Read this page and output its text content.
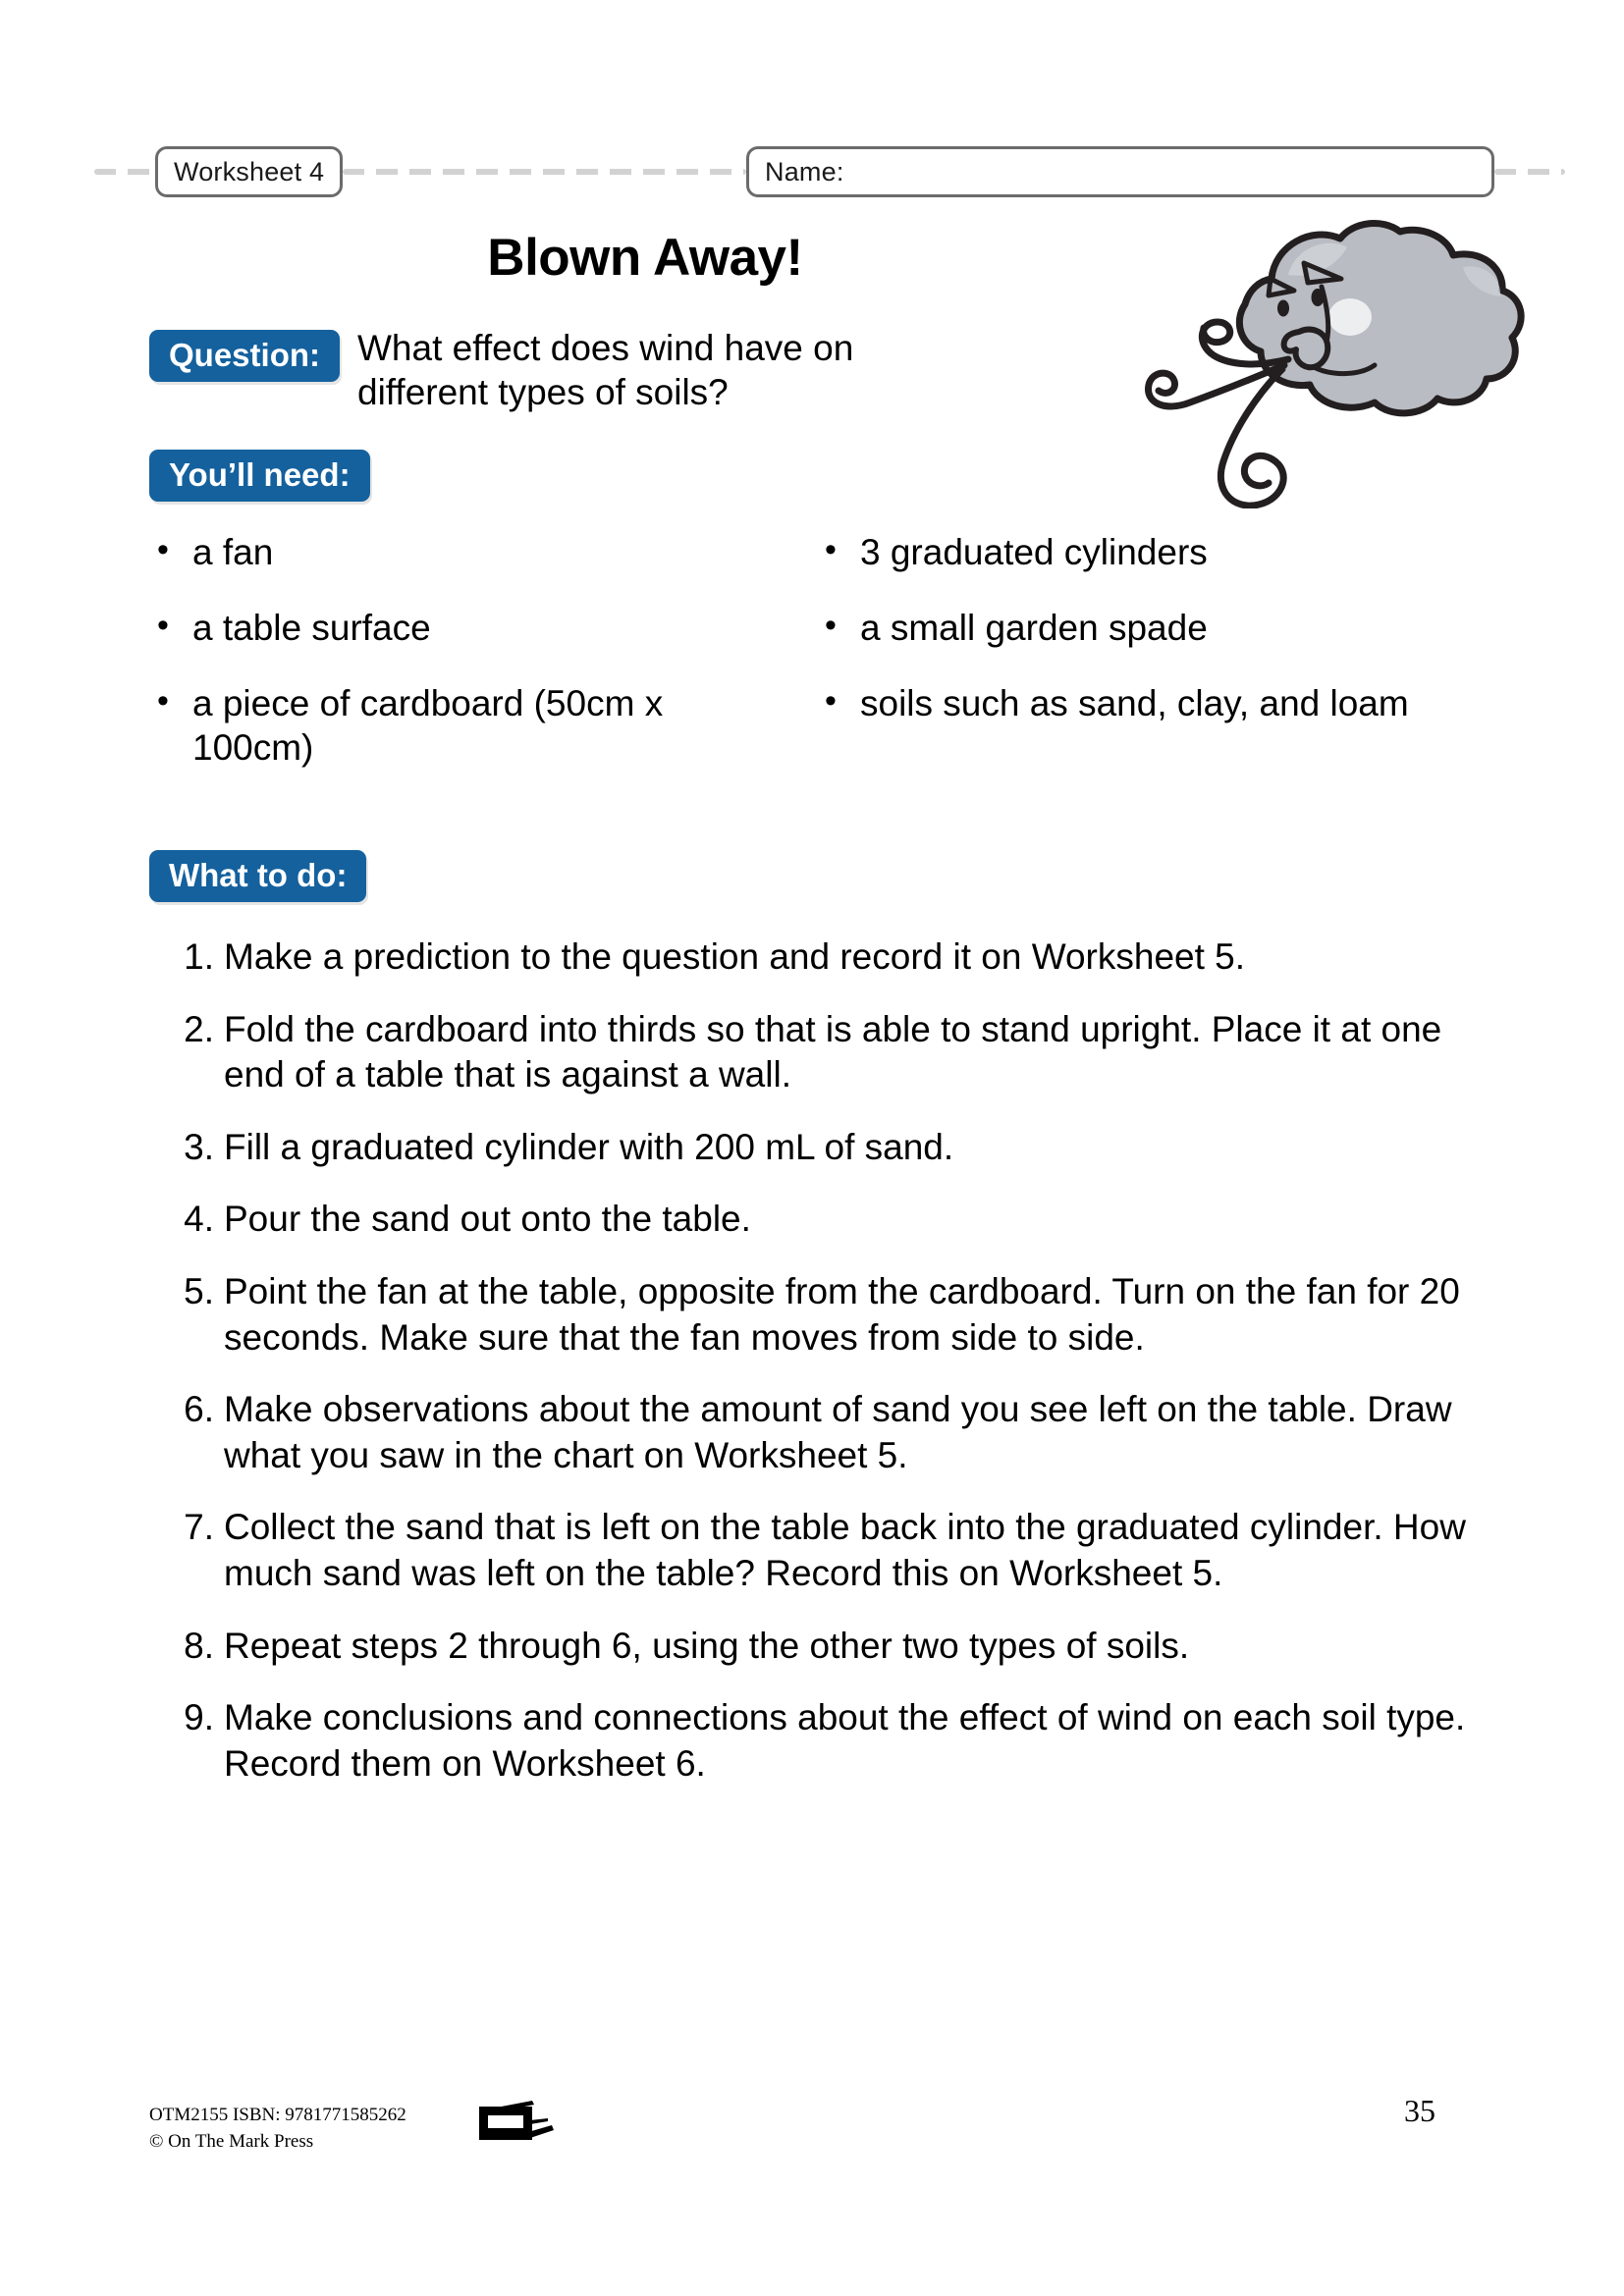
Worksheet 4	Name:
Blown Away!
Question:	What effect does wind have on different types of soils?
You’ll need:
• a fan
• a table surface
• a piece of cardboard (50cm x 100cm)
• 3 graduated cylinders
• a small garden spade
• soils such as sand, clay, and loam
What to do:
1. Make a prediction to the question and record it on Worksheet 5.
2. Fold the cardboard into thirds so that is able to stand upright. Place it at one end of a table that is against a wall.
3. Fill a graduated cylinder with 200 mL of sand.
4. Pour the sand out onto the table.
5. Point the fan at the table, opposite from the cardboard. Turn on the fan for 20 seconds. Make sure that the fan moves from side to side.
6. Make observations about the amount of sand you see left on the table. Draw what you saw in the chart on Worksheet 5.
7. Collect the sand that is left on the table back into the graduated cylinder. How much sand was left on the table? Record this on Worksheet 5.
8. Repeat steps 2 through 6, using the other two types of soils.
9. Make conclusions and connections about the effect of wind on each soil type. Record them on Worksheet 6.
OTM2155 ISBN: 9781771585262
© On The Mark Press
35
